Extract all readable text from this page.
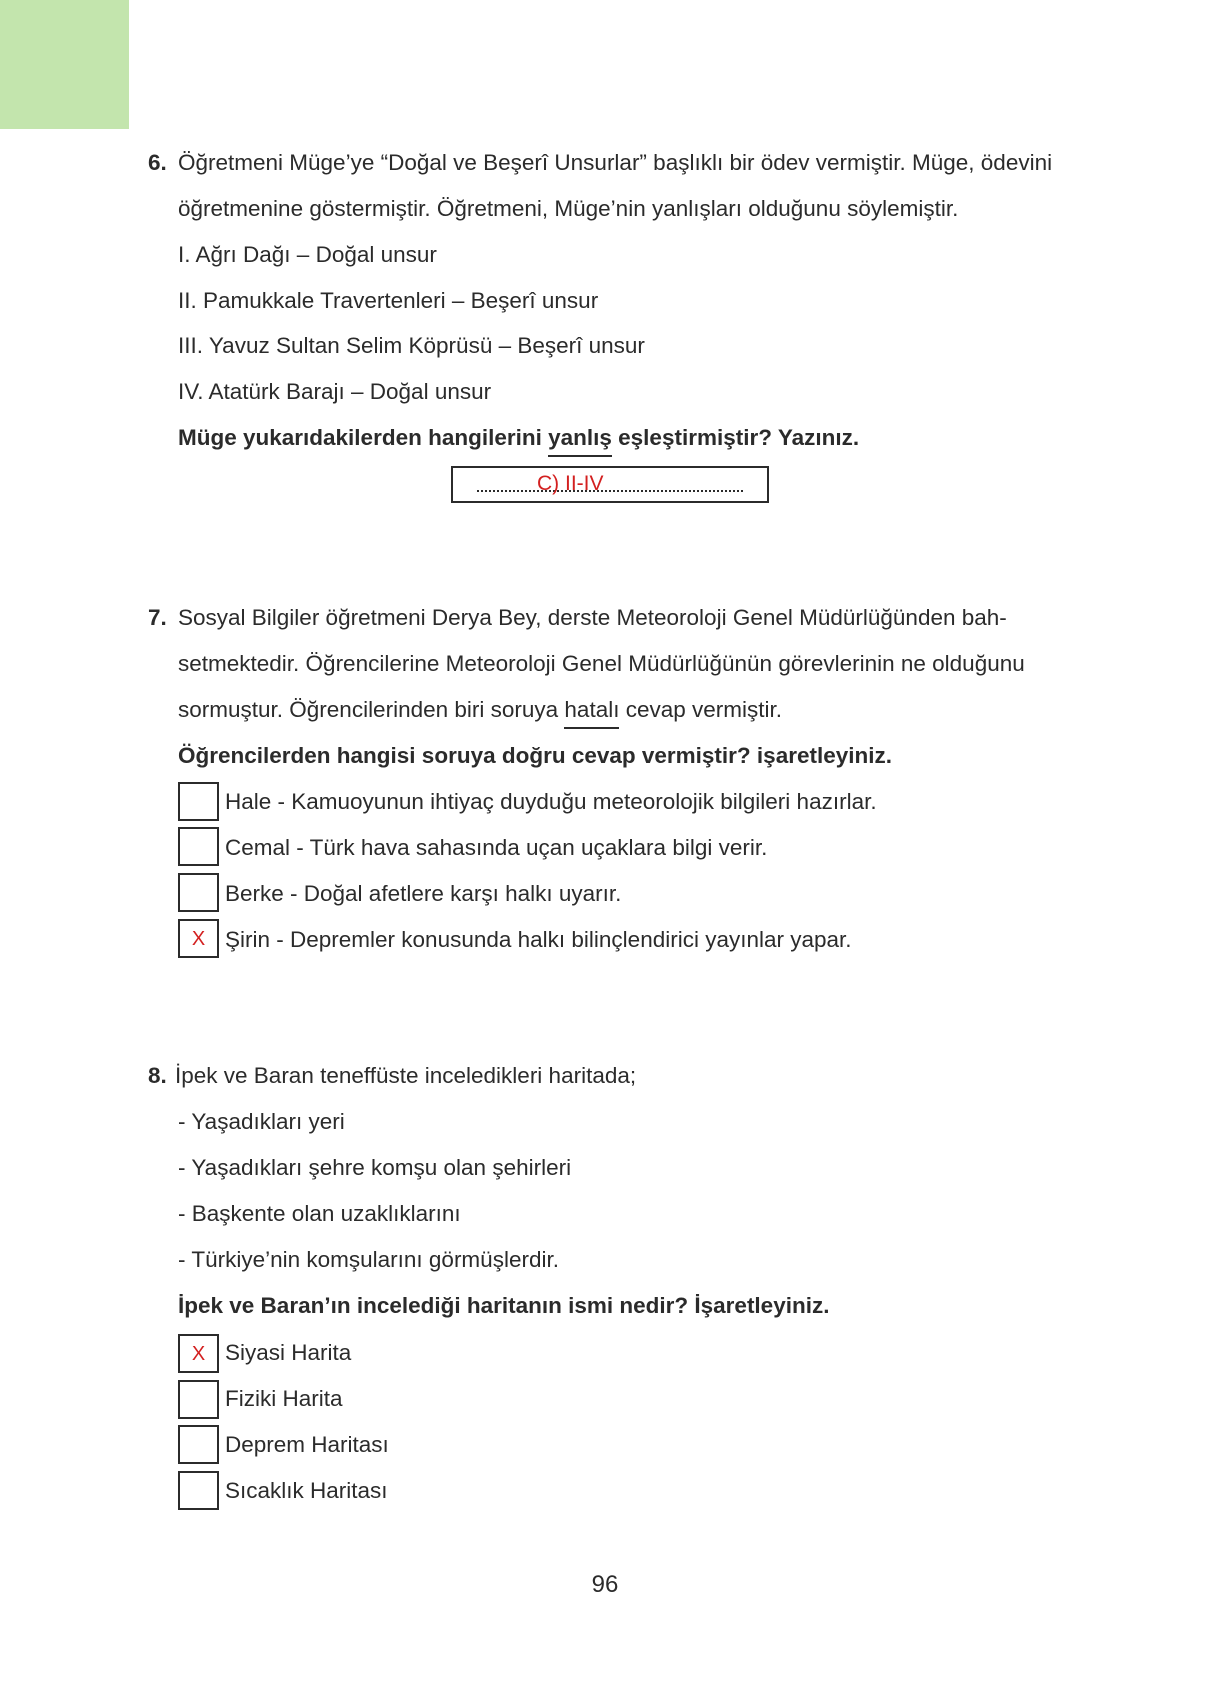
6. Öğretmeni Müge’ye “Doğal ve Beşerî Unsurlar” başlıklı bir ödev vermiştir. Müge, ödevini
öğretmenine göstermiştir. Öğretmeni, Müge’nin yanlışları olduğunu söylemiştir.
I. Ağrı Dağı – Doğal unsur
II. Pamukkale Travertenleri – Beşerî unsur
III. Yavuz Sultan Selim Köprüsü – Beşerî unsur
IV. Atatürk Barajı – Doğal unsur
Müge yukarıdakilerden hangilerini yanlış eşleştirmiştir? Yazınız.
C) II-IV
7. Sosyal Bilgiler öğretmeni Derya Bey, derste Meteoroloji Genel Müdürlüğünden bah-
setmektedir. Öğrencilerine Meteoroloji Genel Müdürlüğünün görevlerinin ne olduğunu
sormuştur. Öğrencilerinden biri soruya hatalı cevap vermiştir.
Öğrencilerden hangisi soruya doğru cevap vermiştir? işaretleyiniz.
Hale - Kamuoyunun ihtiyaç duyduğu meteorolojik bilgileri hazırlar.
Cemal - Türk hava sahasında uçan uçaklara bilgi verir.
Berke - Doğal afetlere karşı halkı uyarır.
X Şirin - Depremler konusunda halkı bilinçlendirici yayınlar yapar.
8. İpek ve Baran teneffüste inceledikleri haritada;
- Yaşadıkları yeri
- Yaşadıkları şehre komşu olan şehirleri
- Başkente olan uzaklıklarını
- Türkiye’nin komşularını görmüşlerdir.
İpek ve Baran’ın incelediği haritanın ismi nedir? İşaretleyiniz.
X Siyasi Harita
Fiziki Harita
Deprem Haritası
Sıcaklık Haritası
96
